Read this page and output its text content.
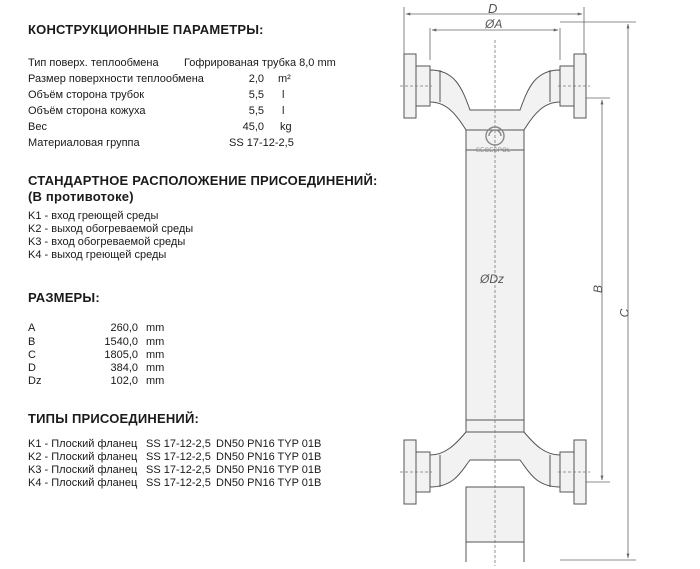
КОНСТРУКЦИОННЫЕ ПАРАМЕТРЫ:
Тип поверх. теплообмена Гофрированая трубка 8,0 mm
Размер поверхности теплообмена	2,0 m²
Объём сторона трубок	5,5 l
Объём сторона кожуха	5,5 l
Вес	45,0 kg
Материаловая группа	SS 17-12-2,5
СТАНДАРТНОЕ РАСПОЛОЖЕНИЕ ПРИСОЕДИНЕНИЙ:
(В противотоке)
K1 - вход греющей среды
K2 - выход обогреваемой среды
K3 - вход обогреваемой среды
K4 - выход греющей среды
РАЗМЕРЫ:
A	260,0 mm
B	1540,0 mm
C	1805,0 mm
D	384,0 mm
Dz	102,0 mm
ТИПЫ ПРИСОЕДИНЕНИЙ:
K1 - Плоский фланец SS 17-12-2,5 DN50 PN16 TYP 01B
K2 - Плоский фланец SS 17-12-2,5 DN50 PN16 TYP 01B
K3 - Плоский фланец SS 17-12-2,5 DN50 PN16 TYP 01B
K4 - Плоский фланец SS 17-12-2,5 DN50 PN16 TYP 01B
D
ØA
ØDz
B
C
SECESPOL
